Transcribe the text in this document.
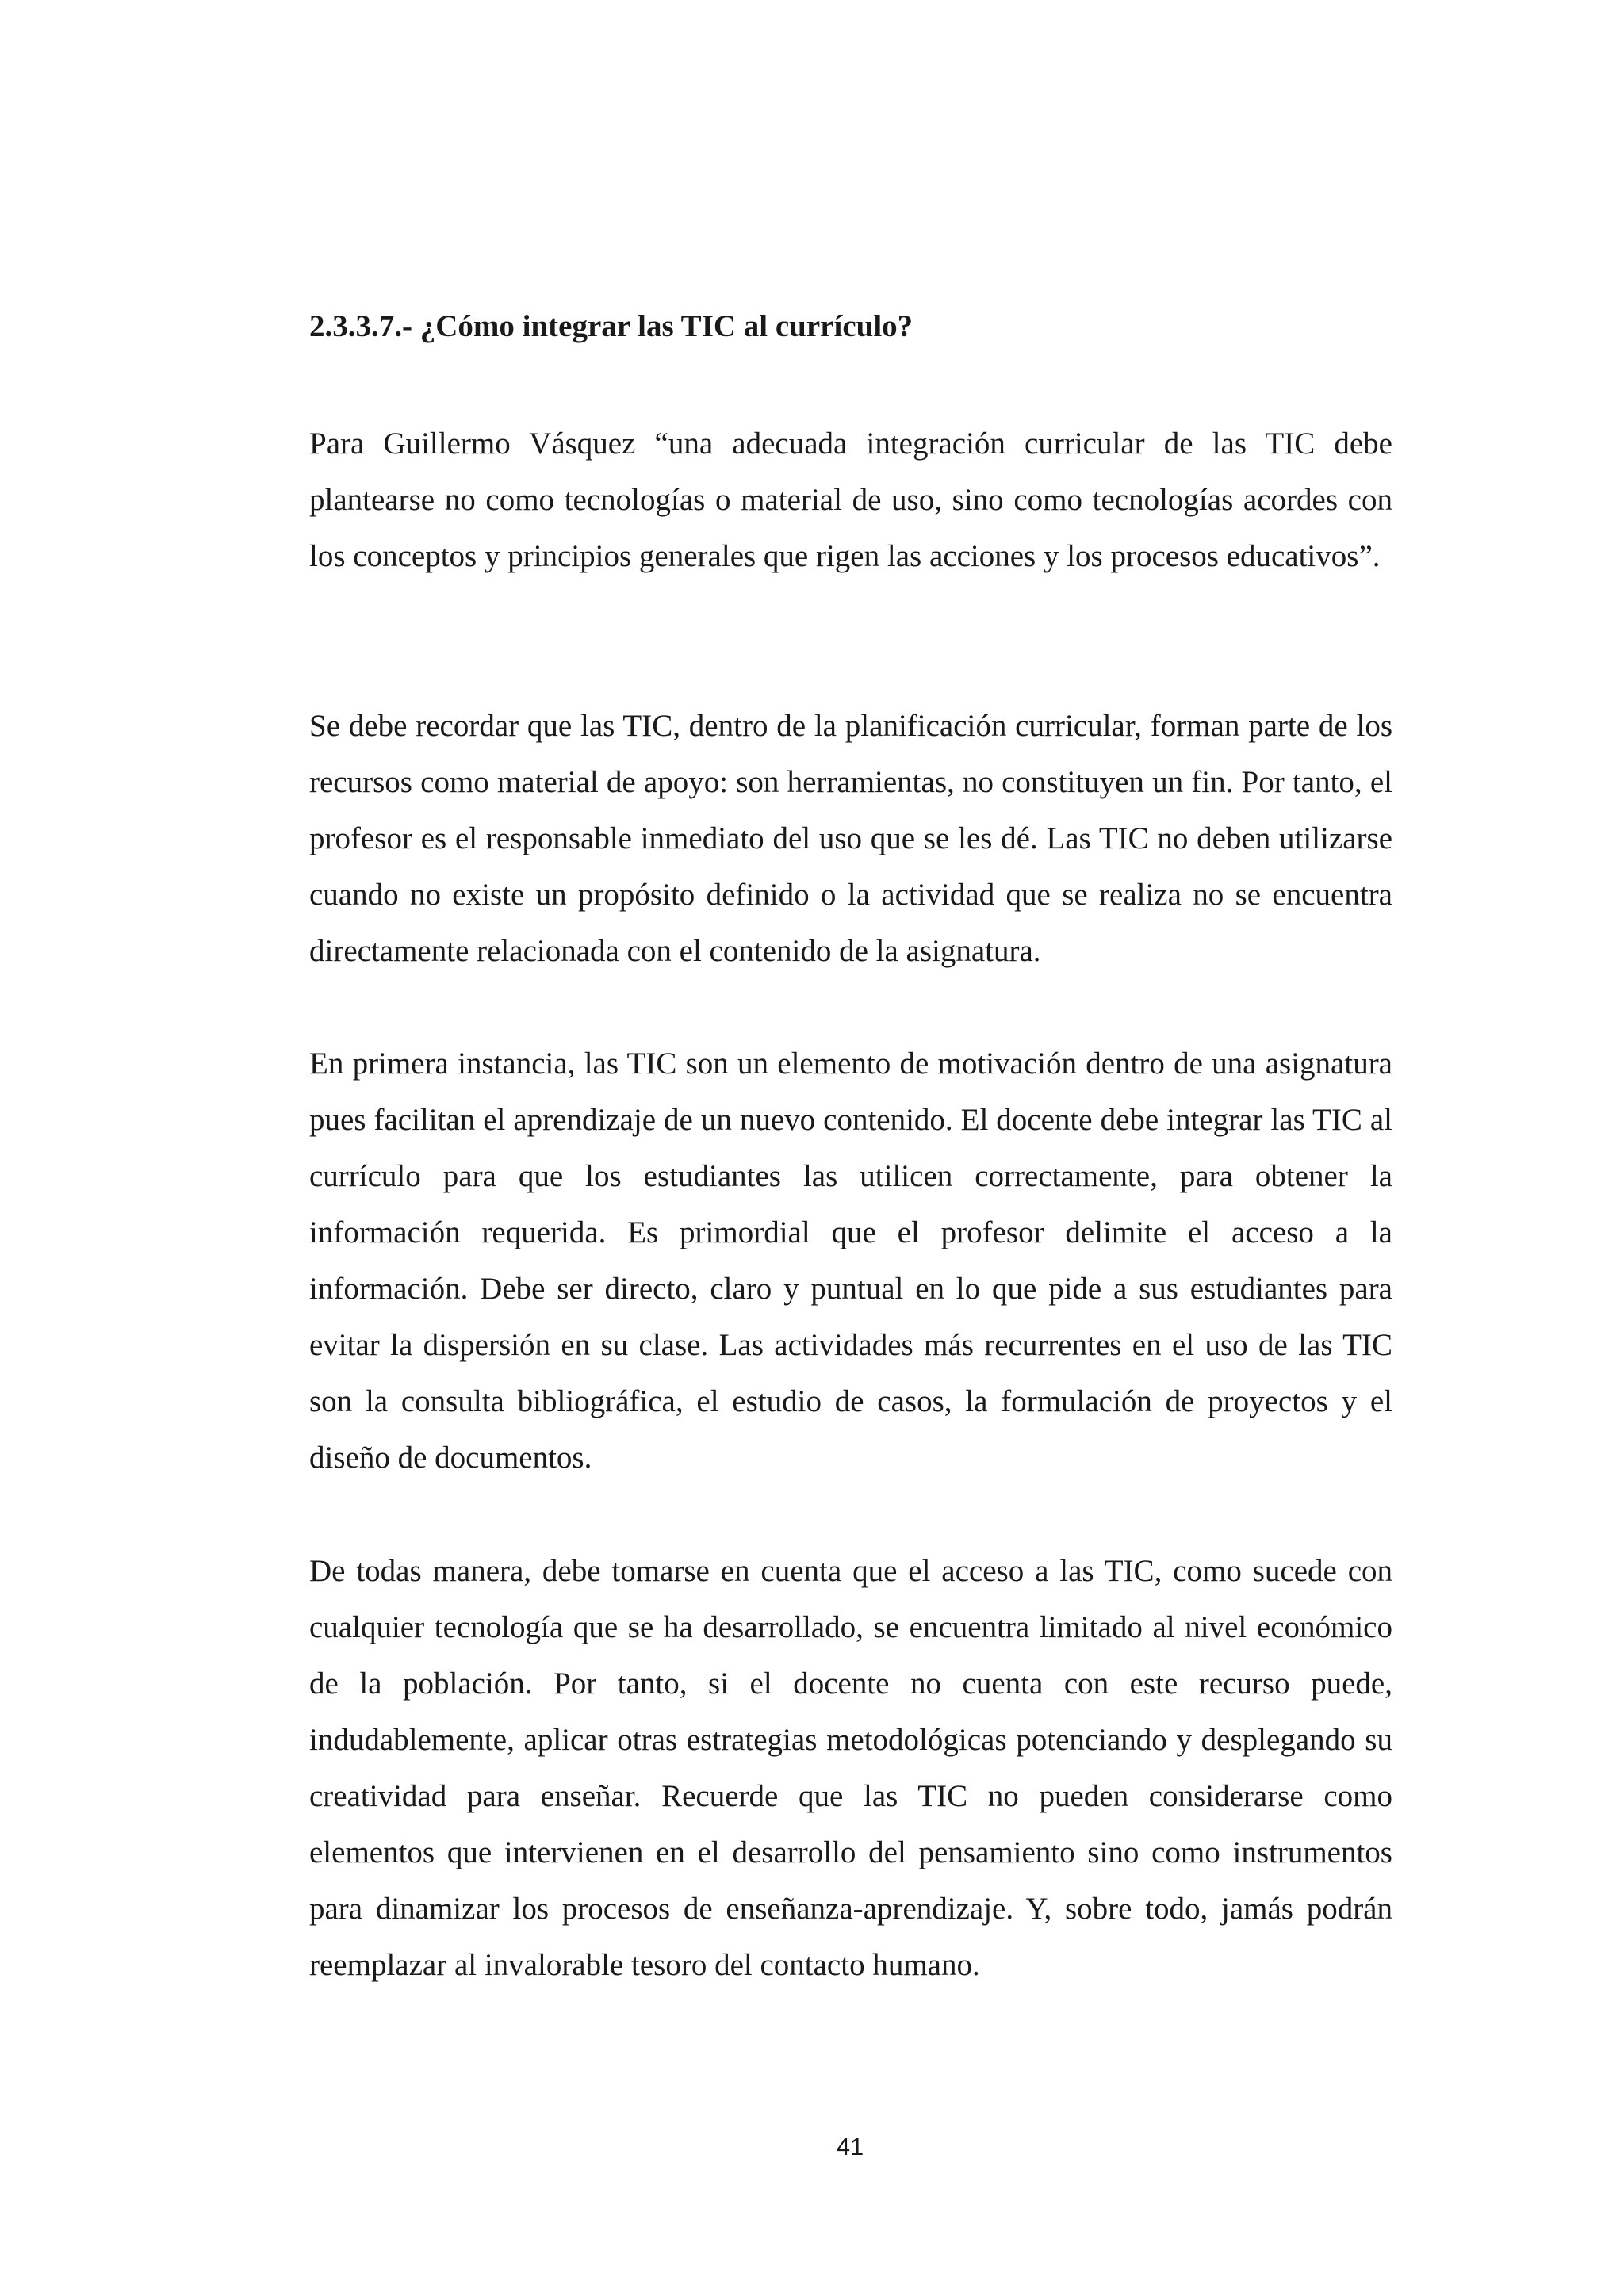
2.3.3.7.- ¿Cómo integrar las TIC al currículo?

Para Guillermo Vásquez “una adecuada integración curricular de las TIC debe plantearse no como tecnologías o material de uso, sino como tecnologías acordes con los conceptos y principios generales que rigen las acciones y los procesos educativos”.

Se debe recordar que las TIC, dentro de la planificación curricular, forman parte de los recursos como material de apoyo: son herramientas, no constituyen un fin. Por tanto, el profesor es el responsable inmediato del uso que se les dé. Las TIC no deben utilizarse cuando no existe un propósito definido o la actividad que se realiza no se encuentra directamente relacionada con el contenido de la asignatura.

En primera instancia, las TIC son un elemento de motivación dentro de una asignatura pues facilitan el aprendizaje de un nuevo contenido. El docente debe integrar las TIC al currículo para que los estudiantes las utilicen correctamente, para obtener la información requerida. Es primordial que el profesor delimite el acceso a la información. Debe ser directo, claro y puntual en lo que pide a sus estudiantes para evitar la dispersión en su clase. Las actividades más recurrentes en el uso de las TIC son la consulta bibliográfica, el estudio de casos, la formulación de proyectos y el diseño de documentos.

De todas manera, debe tomarse en cuenta que el acceso a las TIC, como sucede con cualquier tecnología que se ha desarrollado, se encuentra limitado al nivel económico de la población. Por tanto, si el docente no cuenta con este recurso puede, indudablemente, aplicar otras estrategias metodológicas potenciando y desplegando su creatividad para enseñar. Recuerde que las TIC no pueden considerarse como elementos que intervienen en el desarrollo del pensamiento sino como instrumentos para dinamizar los procesos de enseñanza-aprendizaje. Y, sobre todo, jamás podrán reemplazar al invalorable tesoro del contacto humano.

41
